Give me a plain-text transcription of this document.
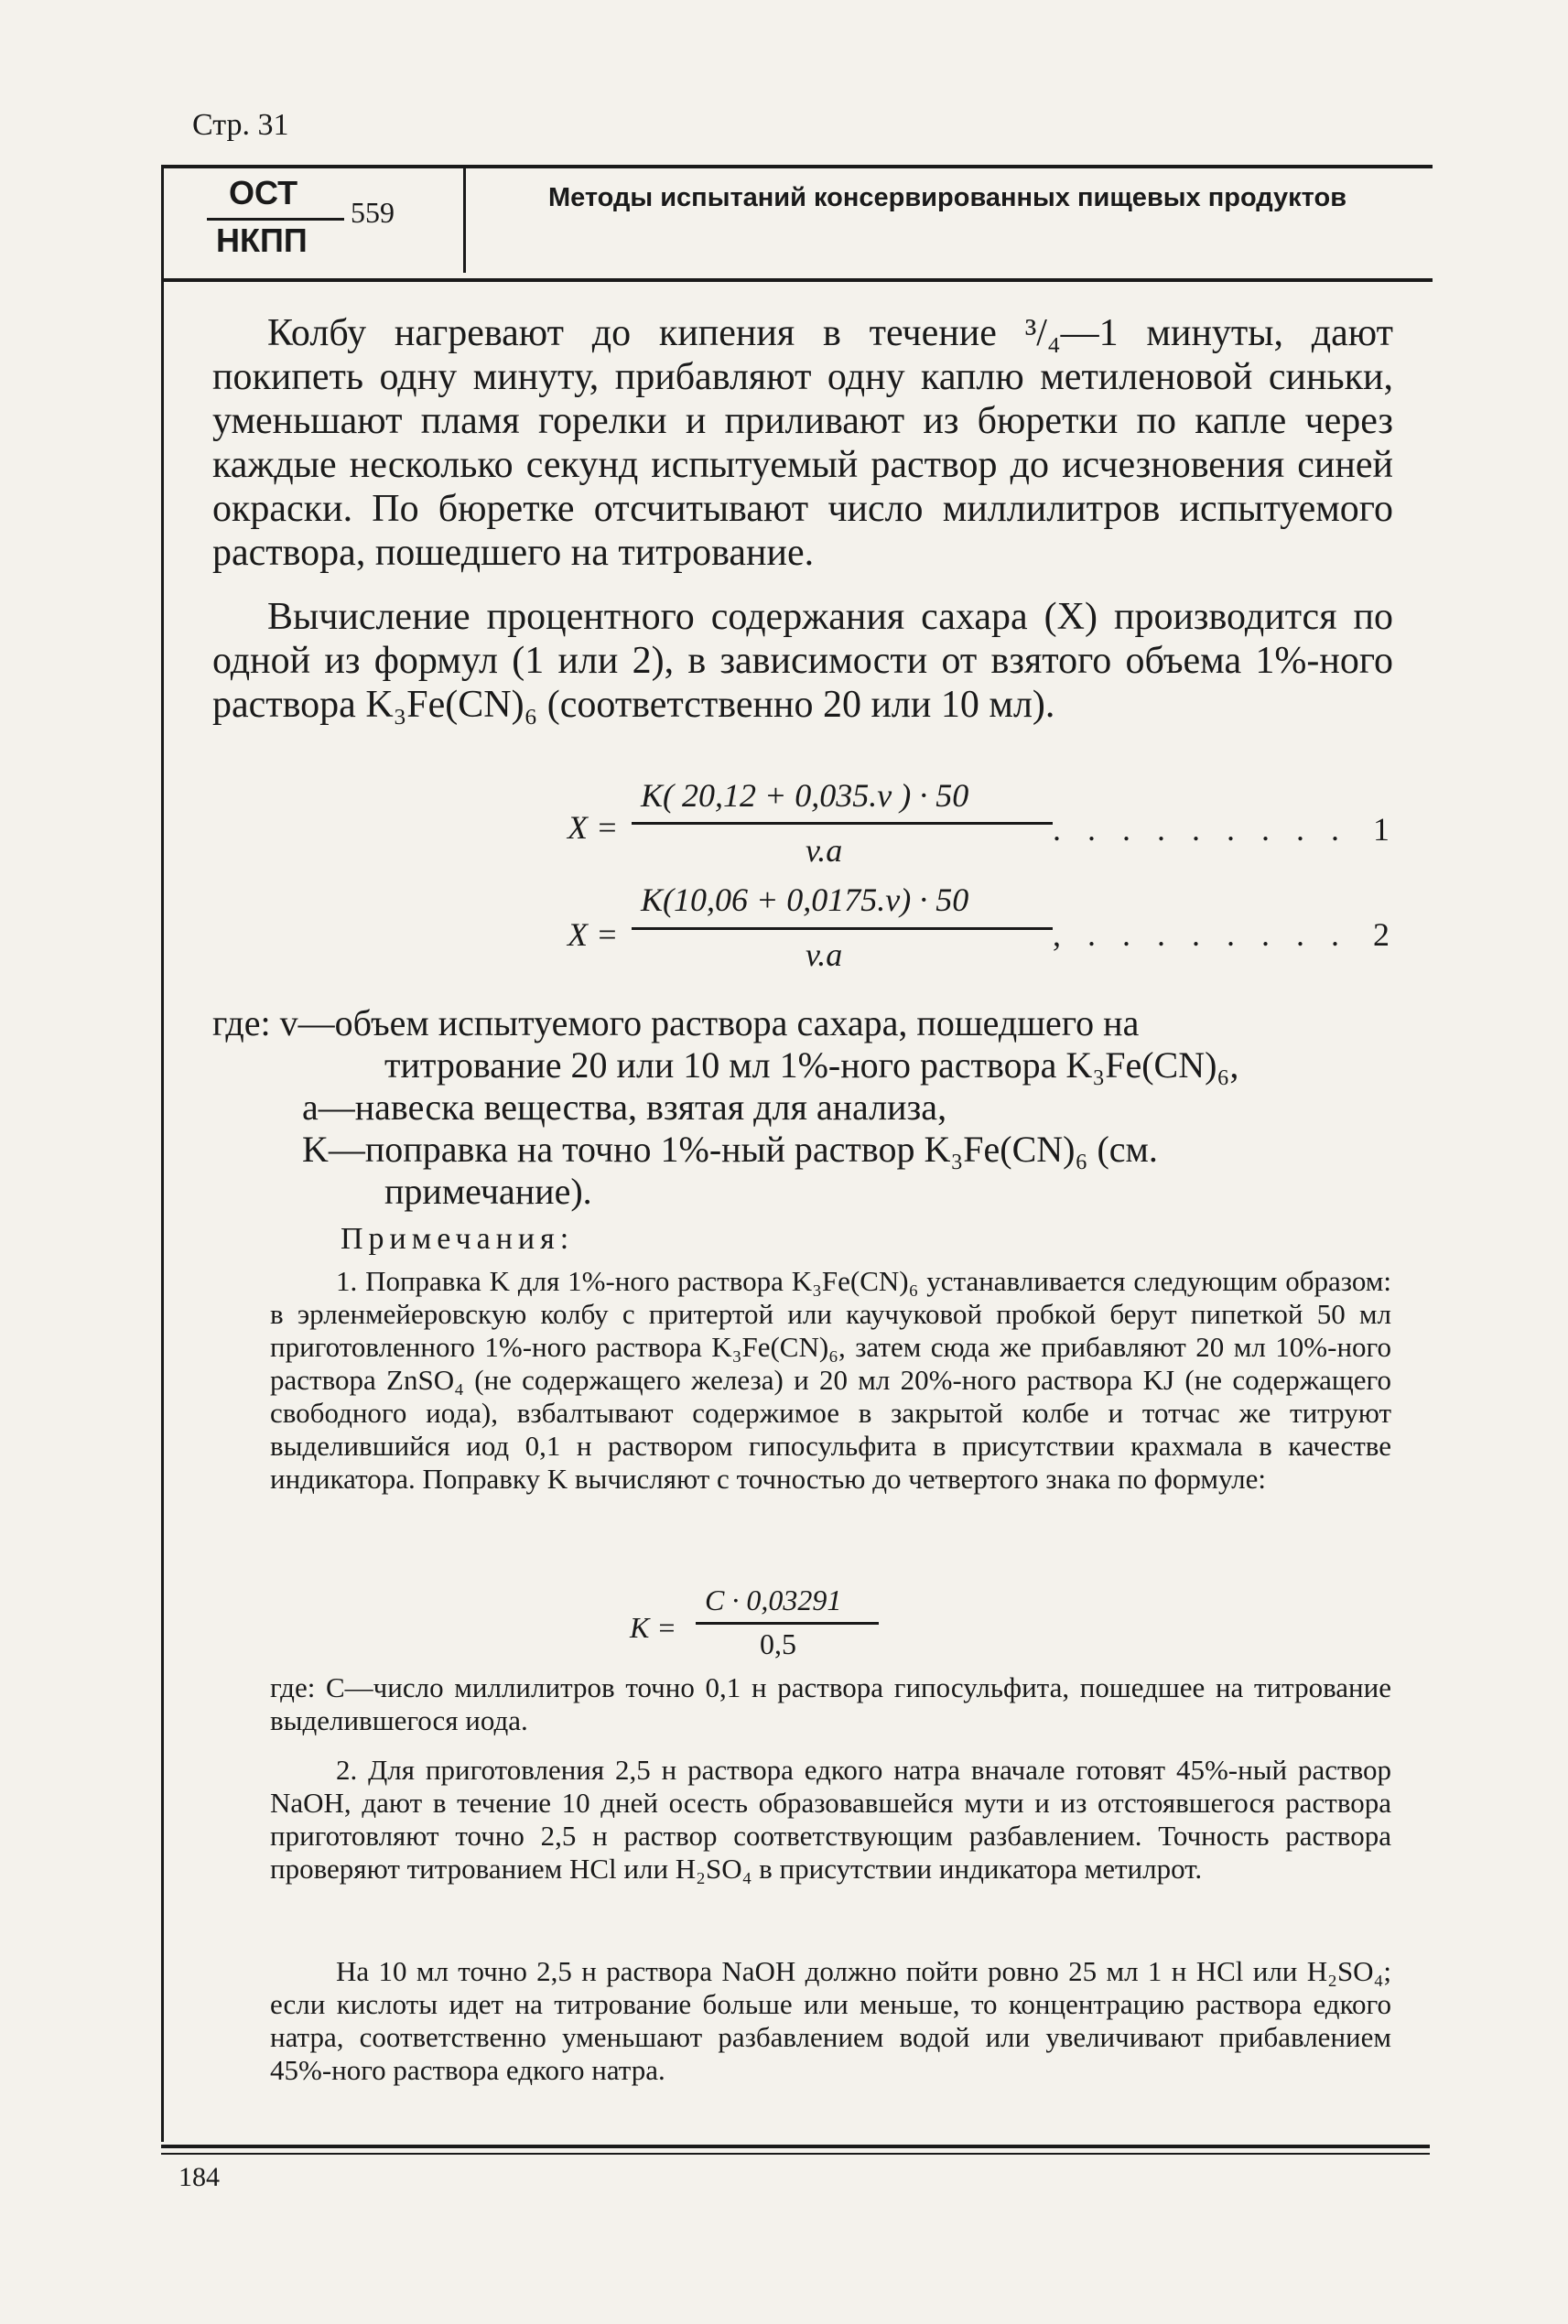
Стр. 31
ОСТ
НКПП
559	Методы испытаний консервированных пищевых продуктов
Колбу нагревают до кипения в течение ³/₄—1 минуты, дают покипеть одну минуту, прибавляют одну каплю метиленовой синьки, уменьшают пламя горелки и приливают из бюретки по капле через каждые несколько секунд испытуемый раствор до исчезновения синей окраски. По бюретке отсчитывают число миллилитров испытуемого раствора, пошедшего на титрование.
Вычисление процентного содержания сахара (X) производится по одной из формул (1 или 2), в зависимости от взятого объема 1%-ного раствора K₃Fe(CN)₆ (соответственно 20 или 10 мл).
X =
K( 20,12 + 0,035.v ) · 50
v.a
. . . . . . . . . 1
X =
K(10,06 + 0,0175.v) · 50
v.a
, . . . . . . . . 2
где: v—объем испытуемого раствора сахара, пошедшего на
титрование 20 или 10 мл 1%-ного раствора K₃Fe(CN)₆,
a—навеска вещества, взятая для анализа,
K—поправка на точно 1%-ный раствор K₃Fe(CN)₆ (см.
примечание).
Примечания:
1. Поправка K для 1%-ного раствора K₃Fe(CN)₆ устанавливается следующим образом: в эрленмейеровскую колбу с притертой или каучуковой пробкой берут пипеткой 50 мл приготовленного 1%-ного раствора K₃Fe(CN)₆, затем сюда же прибавляют 20 мл 10%-ного раствора ZnSO₄ (не содержащего железа) и 20 мл 20%-ного раствора KJ (не содержащего свободного иода), взбалтывают содержимое в закрытой колбе и тотчас же титруют выделившийся иод 0,1 н раствором гипосульфита в присутствии крахмала в качестве индикатора. Поправку K вычисляют с точностью до четвертого знака по формуле:
K =
C · 0,03291
0,5
где: C—число миллилитров точно 0,1 н раствора гипосульфита, пошедшее на титрование выделившегося иода.
2. Для приготовления 2,5 н раствора едкого натра вначале готовят 45%-ный раствор NaOH, дают в течение 10 дней осесть образовавшейся мути и из отстоявшегося раствора приготовляют точно 2,5 н раствор соответствующим разбавлением. Точность раствора проверяют титрованием HCl или H₂SO₄ в присутствии индикатора метилрот.
На 10 мл точно 2,5 н раствора NaOH должно пойти ровно 25 мл 1 н HCl или H₂SO₄; если кислоты идет на титрование больше или меньше, то концентрацию раствора едкого натра, соответственно уменьшают разбавлением водой или увеличивают прибавлением 45%-ного раствора едкого натра.
184
